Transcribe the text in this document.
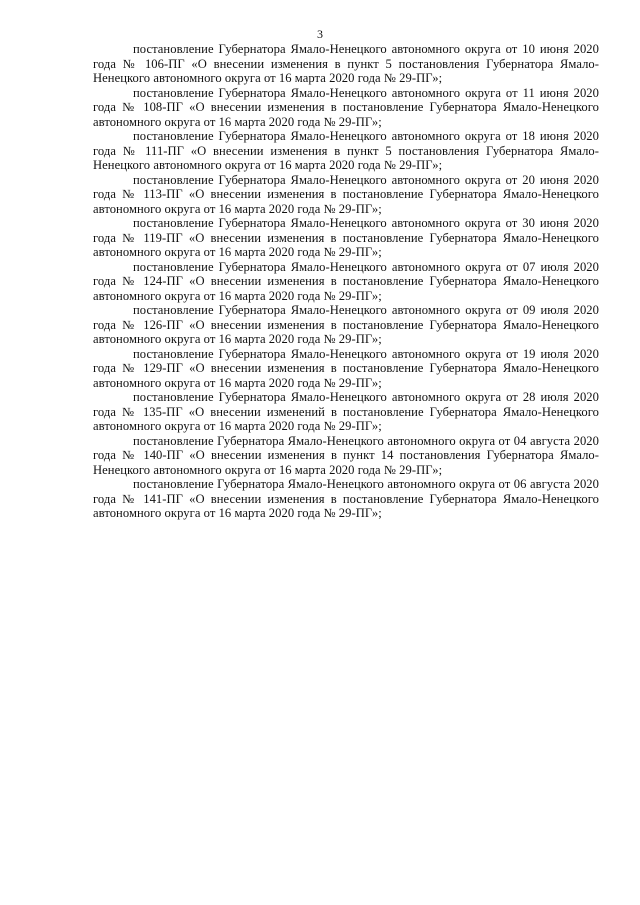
3

постановление Губернатора Ямало-Ненецкого автономного округа от 10 июня 2020 года № 106-ПГ «О внесении изменения в пункт 5 постановления Губернатора Ямало-Ненецкого автономного округа от 16 марта 2020 года № 29-ПГ»;

постановление Губернатора Ямало-Ненецкого автономного округа от 11 июня 2020 года № 108-ПГ «О внесении изменения в постановление Губернатора Ямало-Ненецкого автономного округа от 16 марта 2020 года № 29-ПГ»;

постановление Губернатора Ямало-Ненецкого автономного округа от 18 июня 2020 года № 111-ПГ «О внесении изменения в пункт 5 постановления Губернатора Ямало-Ненецкого автономного округа от 16 марта 2020 года № 29-ПГ»;

постановление Губернатора Ямало-Ненецкого автономного округа от 20 июня 2020 года № 113-ПГ «О внесении изменения в постановление Губернатора Ямало-Ненецкого автономного округа от 16 марта 2020 года № 29-ПГ»;

постановление Губернатора Ямало-Ненецкого автономного округа от 30 июня 2020 года № 119-ПГ «О внесении изменения в постановление Губернатора Ямало-Ненецкого автономного округа от 16 марта 2020 года № 29-ПГ»;

постановление Губернатора Ямало-Ненецкого автономного округа от 07 июля 2020 года № 124-ПГ «О внесении изменения в постановление Губернатора Ямало-Ненецкого автономного округа от 16 марта 2020 года № 29-ПГ»;

постановление Губернатора Ямало-Ненецкого автономного округа от 09 июля 2020 года № 126-ПГ «О внесении изменения в постановление Губернатора Ямало-Ненецкого автономного округа от 16 марта 2020 года № 29-ПГ»;

постановление Губернатора Ямало-Ненецкого автономного округа от 19 июля 2020 года № 129-ПГ «О внесении изменения в постановление Губернатора Ямало-Ненецкого автономного округа от 16 марта 2020 года № 29-ПГ»;

постановление Губернатора Ямало-Ненецкого автономного округа от 28 июля 2020 года № 135-ПГ «О внесении изменений в постановление Губернатора Ямало-Ненецкого автономного округа от 16 марта 2020 года № 29-ПГ»;

постановление Губернатора Ямало-Ненецкого автономного округа от 04 августа 2020 года № 140-ПГ «О внесении изменения в пункт 14 постановления Губернатора Ямало-Ненецкого автономного округа от 16 марта 2020 года № 29-ПГ»;

постановление Губернатора Ямало-Ненецкого автономного округа от 06 августа 2020 года № 141-ПГ «О внесении изменения в постановление Губернатора Ямало-Ненецкого автономного округа от 16 марта 2020 года № 29-ПГ»;
